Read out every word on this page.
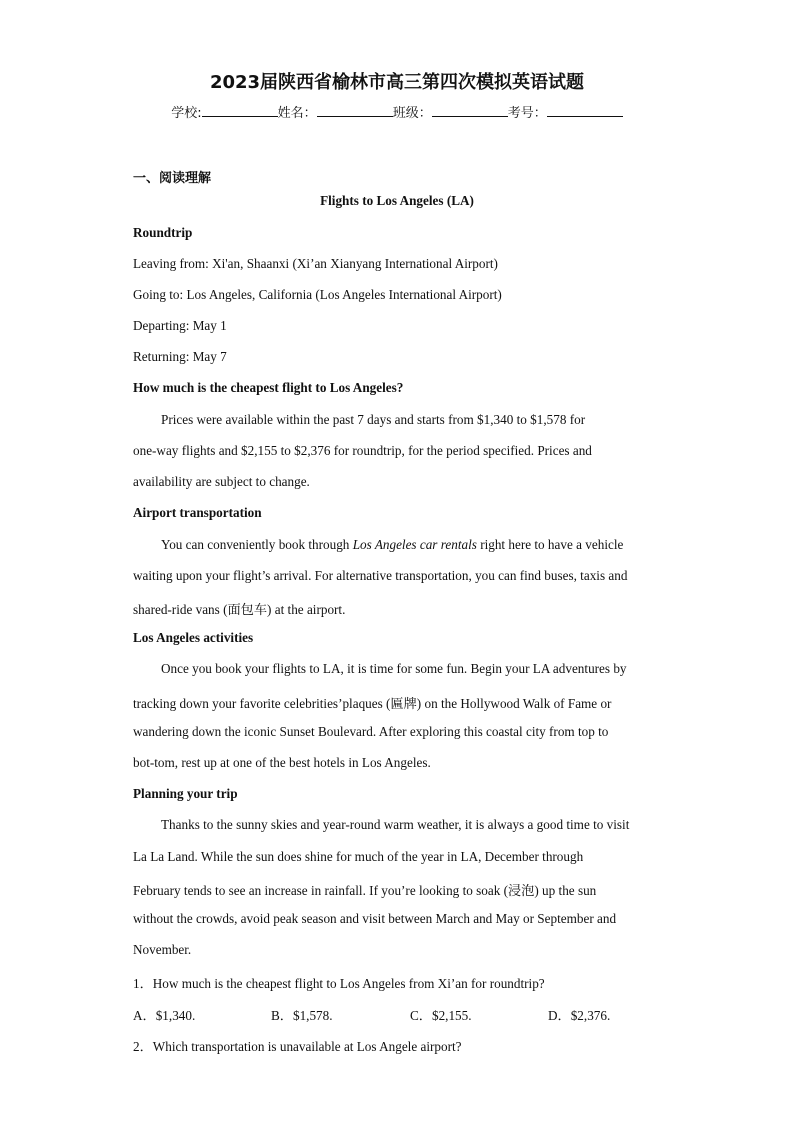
2023届陕西省榆林市高三第四次模拟英语试题
学校:	姓名：	班级：	考号：
一、阅读理解
Flights to Los Angeles (LA)
Roundtrip
Leaving from: Xi'an, Shaanxi (Xi’an Xianyang International Airport)
Going to: Los Angeles, California (Los Angeles International Airport)
Departing: May 1
Returning: May 7
How much is the cheapest flight to Los Angeles?
Prices were available within the past 7 days and starts from $1,340 to $1,578 for
one-way flights and $2,155 to $2,376 for roundtrip, for the period specified. Prices and
availability are subject to change.
Airport transportation
You can conveniently book through Los Angeles car rentals right here to have a vehicle
waiting upon your flight’s arrival. For alternative transportation, you can find buses, taxis and
shared-ride vans (面包车) at the airport.
Los Angeles activities
Once you book your flights to LA, it is time for some fun. Begin your LA adventures by
tracking down your favorite celebrities’plaques (匾牌) on the Hollywood Walk of Fame or
wandering down the iconic Sunset Boulevard. After exploring this coastal city from top to
bot-tom, rest up at one of the best hotels in Los Angeles.
Planning your trip
Thanks to the sunny skies and year-round warm weather, it is always a good time to visit
La La Land. While the sun does shine for much of the year in LA, December through
February tends to see an increase in rainfall. If you’re looking to soak (浸泡) up the sun
without the crowds, avoid peak season and visit between March and May or September and
November.
1．How much is the cheapest flight to Los Angeles from Xi’an for roundtrip?
A．$1,340.	B．$1,578.	C．$2,155.	D．$2,376.
2．Which transportation is unavailable at Los Angele airport?
